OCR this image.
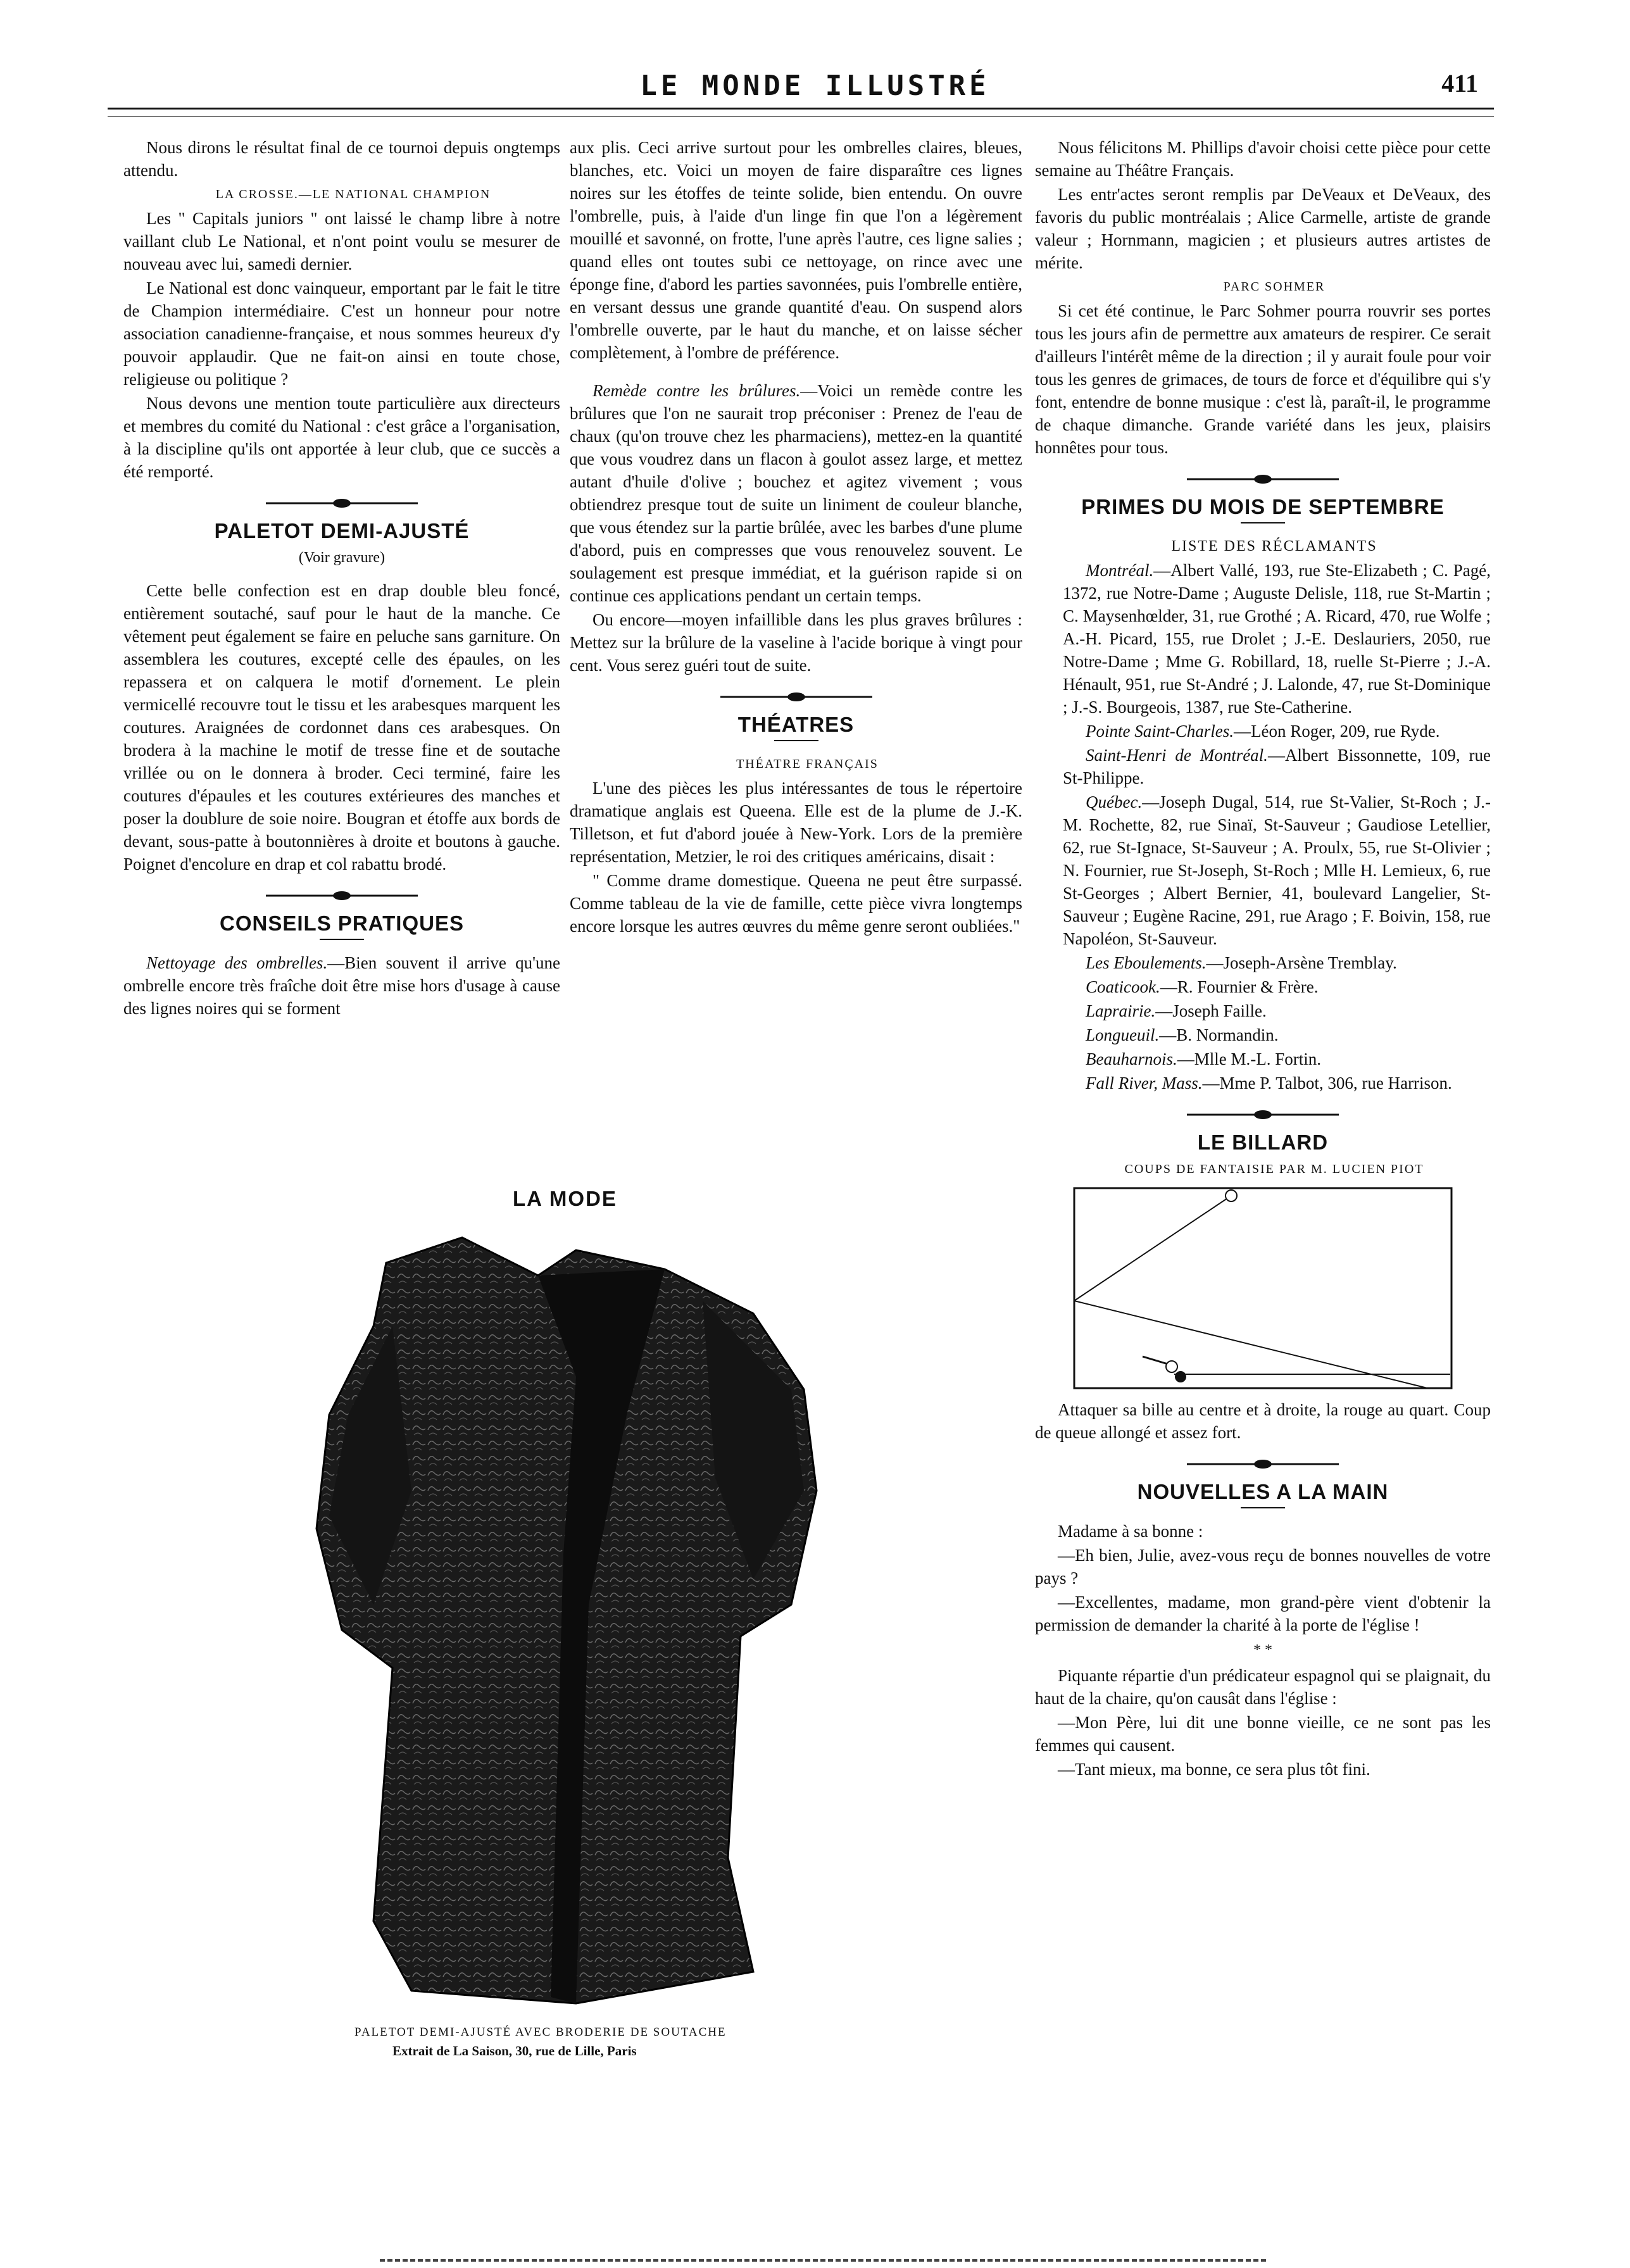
LE MONDE ILLUSTRÉ	411

Nous dirons le résultat final de ce tournoi depuis ongtemps attendu.

LA CROSSE.—LE NATIONAL CHAMPION

Les " Capitals juniors " ont laissé le champ libre à notre vaillant club Le National, et n'ont point voulu se mesurer de nouveau avec lui, samedi dernier.

Le National est donc vainqueur, emportant par le fait le titre de Champion intermédiaire. C'est un honneur pour notre association canadienne-française, et nous sommes heureux d'y pouvoir applaudir. Que ne fait-on ainsi en toute chose, religieuse ou politique ?

Nous devons une mention toute particulière aux directeurs et membres du comité du National : c'est grâce a l'organisation, à la discipline qu'ils ont apportée à leur club, que ce succès a été remporté.

PALETOT DEMI-AJUSTÉ
(Voir gravure)

Cette belle confection est en drap double bleu foncé, entièrement soutaché, sauf pour le haut de la manche. Ce vêtement peut également se faire en peluche sans garniture. On assemblera les coutures, excepté celle des épaules, on les repassera et on calquera le motif d'ornement. Le plein vermicellé recouvre tout le tissu et les arabesques marquent les coutures. Araignées de cordonnet dans ces arabesques. On brodera à la machine le motif de tresse fine et de soutache vrillée ou on le donnera à broder. Ceci terminé, faire les coutures d'épaules et les coutures extérieures des manches et poser la doublure de soie noire. Bougran et étoffe aux bords de devant, sous-patte à boutonnières à droite et boutons à gauche. Poignet d'encolure en drap et col rabattu brodé.

CONSEILS PRATIQUES

Nettoyage des ombrelles.—Bien souvent il arrive qu'une ombrelle encore très fraîche doit être mise hors d'usage à cause des lignes noires qui se forment

aux plis. Ceci arrive surtout pour les ombrelles claires, bleues, blanches, etc. Voici un moyen de faire disparaître ces lignes noires sur les étoffes de teinte solide, bien entendu. On ouvre l'ombrelle, puis, à l'aide d'un linge fin que l'on a légèrement mouillé et savonné, on frotte, l'une après l'autre, ces ligne salies ; quand elles ont toutes subi ce nettoyage, on rince avec une éponge fine, d'abord les parties savonnées, puis l'ombrelle entière, en versant dessus une grande quantité d'eau. On suspend alors l'ombrelle ouverte, par le haut du manche, et on laisse sécher complètement, à l'ombre de préférence.

Remède contre les brûlures.—Voici un remède contre les brûlures que l'on ne saurait trop préconiser : Prenez de l'eau de chaux (qu'on trouve chez les pharmaciens), mettez-en la quantité que vous voudrez dans un flacon à goulot assez large, et mettez autant d'huile d'olive ; bouchez et agitez vivement ; vous obtiendrez presque tout de suite un liniment de couleur blanche, que vous étendez sur la partie brûlée, avec les barbes d'une plume d'abord, puis en compresses que vous renouvelez souvent. Le soulagement est presque immédiat, et la guérison rapide si on continue ces applications pendant un certain temps.

Ou encore—moyen infaillible dans les plus graves brûlures : Mettez sur la brûlure de la vaseline à l'acide borique à vingt pour cent. Vous serez guéri tout de suite.

THÉATRES

THÉATRE FRANÇAIS

L'une des pièces les plus intéressantes de tous le répertoire dramatique anglais est Queena. Elle est de la plume de J.-K. Tilletson, et fut d'abord jouée à New-York. Lors de la première représentation, Metzier, le roi des critiques américains, disait :

" Comme drame domestique. Queena ne peut être surpassé. Comme tableau de la vie de famille, cette pièce vivra longtemps encore lorsque les autres œuvres du même genre seront oubliées."

Nous félicitons M. Phillips d'avoir choisi cette pièce pour cette semaine au Théâtre Français.

Les entr'actes seront remplis par DeVeaux et DeVeaux, des favoris du public montréalais ; Alice Carmelle, artiste de grande valeur ; Hornmann, magicien ; et plusieurs autres artistes de mérite.

PARC SOHMER

Si cet été continue, le Parc Sohmer pourra rouvrir ses portes tous les jours afin de permettre aux amateurs de respirer. Ce serait d'ailleurs l'intérêt même de la direction ; il y aurait foule pour voir tous les genres de grimaces, de tours de force et d'équilibre qui s'y font, entendre de bonne musique : c'est là, paraît-il, le programme de chaque dimanche. Grande variété dans les jeux, plaisirs honnêtes pour tous.

PRIMES DU MOIS DE SEPTEMBRE

LISTE DES RÉCLAMANTS

Montréal.—Albert Vallé, 193, rue Ste-Elizabeth ; C. Pagé, 1372, rue Notre-Dame ; Auguste Delisle, 118, rue St-Martin ; C. Maysenhœlder, 31, rue Grothé ; A. Ricard, 470, rue Wolfe ; A.-H. Picard, 155, rue Drolet ; J.-E. Deslauriers, 2050, rue Notre-Dame ; Mme G. Robillard, 18, ruelle St-Pierre ; J.-A. Hénault, 951, rue St-André ; J. Lalonde, 47, rue St-Dominique ; J.-S. Bourgeois, 1387, rue Ste-Catherine.

Pointe Saint-Charles.—Léon Roger, 209, rue Ryde.

Saint-Henri de Montréal.—Albert Bissonnette, 109, rue St-Philippe.

Québec.—Joseph Dugal, 514, rue St-Valier, St-Roch ; J.-M. Rochette, 82, rue Sinaï, St-Sauveur ; Gaudiose Letellier, 62, rue St-Ignace, St-Sauveur ; A. Proulx, 55, rue St-Olivier ; N. Fournier, rue St-Joseph, St-Roch ; Mlle H. Lemieux, 6, rue St-Georges ; Albert Bernier, 41, boulevard Langelier, St-Sauveur ; Eugène Racine, 291, rue Arago ; F. Boivin, 158, rue Napoléon, St-Sauveur.

Les Eboulements.—Joseph-Arsène Tremblay.

Coaticook.—R. Fournier & Frère.

Laprairie.—Joseph Faille.

Longueuil.—B. Normandin.

Beauharnois.—Mlle M.-L. Fortin.

Fall River, Mass.—Mme P. Talbot, 306, rue Harrison.

LE BILLARD

COUPS DE FANTAISIE PAR M. LUCIEN PIOT

Attaquer sa bille au centre et à droite, la rouge au quart. Coup de queue allongé et assez fort.

NOUVELLES A LA MAIN

Madame à sa bonne :

—Eh bien, Julie, avez-vous reçu de bonnes nouvelles de votre pays ?

—Excellentes, madame, mon grand-père vient d'obtenir la permission de demander la charité à la porte de l'église !

* *

Piquante répartie d'un prédicateur espagnol qui se plaignait, du haut de la chaire, qu'on causât dans l'église :

—Mon Père, lui dit une bonne vieille, ce ne sont pas les femmes qui causent.

—Tant mieux, ma bonne, ce sera plus tôt fini.

LA MODE
PALETOT DEMI-AJUSTÉ AVEC BRODERIE DE SOUTACHE
Extrait de La Saison, 30, rue de Lille, Paris
